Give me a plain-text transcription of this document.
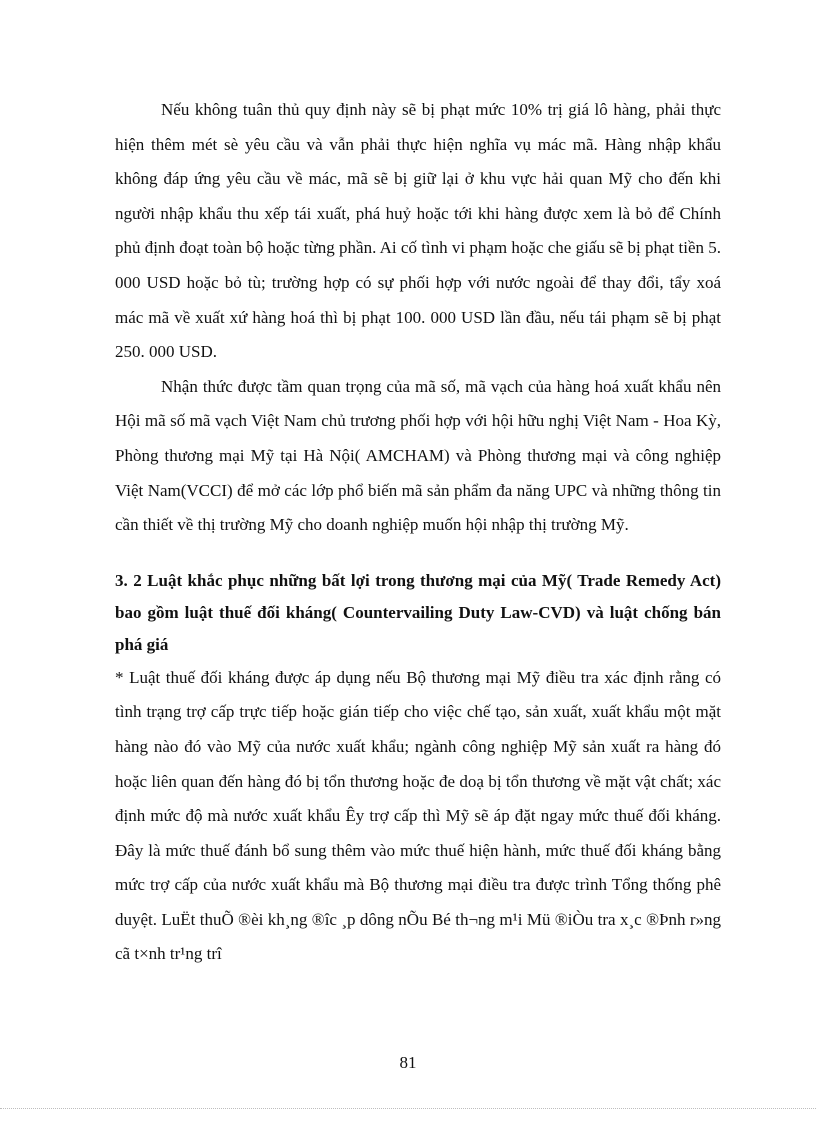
Nếu không tuân thủ quy định này sẽ bị phạt mức 10% trị giá lô hàng, phải thực hiện thêm mét sè yêu cầu và vẫn phải thực hiện nghĩa vụ mác mã. Hàng nhập khẩu không đáp ứng yêu cầu về mác, mã sẽ bị giữ lại ở khu vực hải quan Mỹ cho đến khi người nhập khẩu thu xếp tái xuất, phá huỷ hoặc tới khi hàng được xem là bỏ để Chính phủ định đoạt toàn bộ hoặc từng phần. Ai cố tình vi phạm hoặc che giấu sẽ bị phạt tiền 5. 000 USD hoặc bỏ tù; trường hợp có sự phối hợp với nước ngoài để thay đổi, tẩy xoá mác mã về xuất xứ hàng hoá thì bị phạt 100. 000 USD lần đầu, nếu tái phạm sẽ bị phạt 250. 000 USD.

Nhận thức được tầm quan trọng của mã số, mã vạch của hàng hoá xuất khẩu nên Hội mã số mã vạch Việt Nam chủ trương phối hợp với hội hữu nghị Việt Nam - Hoa Kỳ, Phòng thương mại Mỹ tại Hà Nội( AMCHAM) và Phòng thương mại và công nghiệp Việt Nam(VCCI) để mở các lớp phổ biến mã sản phẩm đa năng UPC và những thông tin cần thiết về thị trường Mỹ cho doanh nghiệp muốn hội nhập thị trường Mỹ.

3. 2 Luật khắc phục những bất lợi trong thương mại của Mỹ( Trade Remedy Act) bao gồm luật thuế đối kháng( Countervailing Duty Law-CVD) và luật chống bán phá giá

* Luật thuế đối kháng được áp dụng nếu Bộ thương mại Mỹ điều tra xác định rằng có tình trạng trợ cấp trực tiếp hoặc gián tiếp cho việc chế tạo, sản xuất, xuất khẩu một mặt hàng nào đó vào Mỹ của nước xuất khẩu; ngành công nghiệp Mỹ sản xuất ra hàng đó hoặc liên quan đến hàng đó bị tổn thương hoặc đe doạ bị tổn thương về mặt vật chất; xác định mức độ mà nước xuất khẩu Êy trợ cấp thì Mỹ sẽ áp đặt ngay mức thuế đối kháng. Đây là mức thuế đánh bổ sung thêm vào mức thuế hiện hành, mức thuế đối kháng bằng mức trợ cấp của nước xuất khẩu mà Bộ thương mại điều tra được trình Tổng thống phê duyệt. LuËt thuÕ ®èi kh¸ng ®îc ¸p dông nÕu Bé th¬ng m¹i Mü ®iÒu tra x¸c ®Þnh r»ng cã t×nh tr¹ng trî

81
